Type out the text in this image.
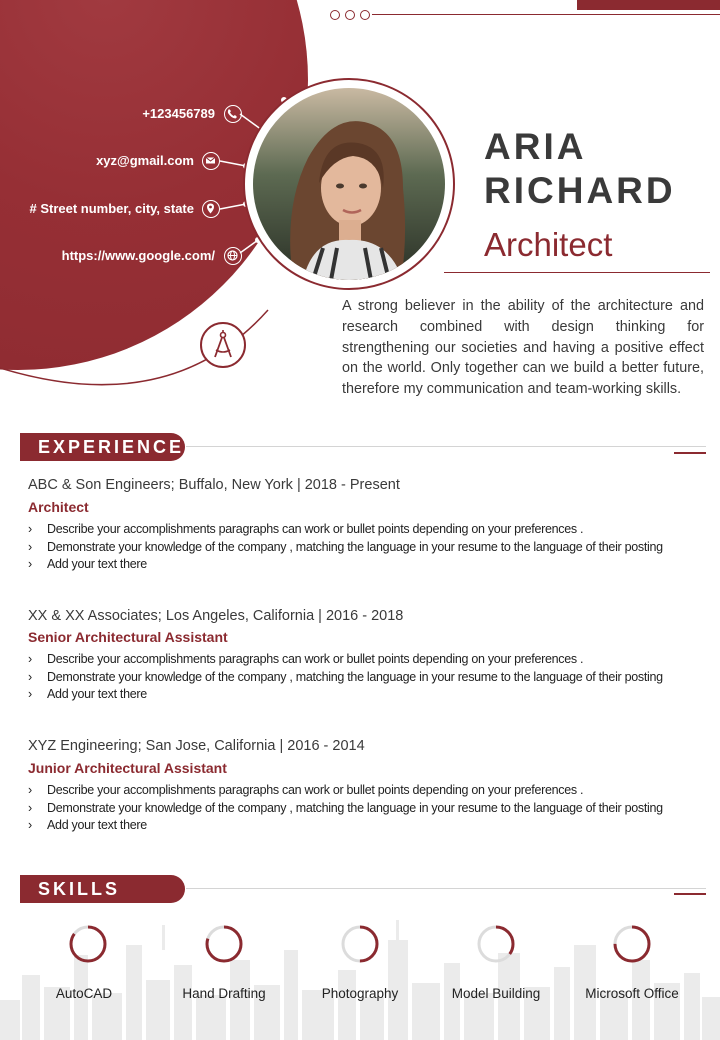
+123456789
xyz@gmail.com
# Street number, city, state
https://www.google.com/
ARIA
RICHARD
Architect
A strong believer in the ability of the architecture and research combined with design thinking for strengthening our societies and having a positive effect on the world. Only together can we build a better future, therefore my communication and team-working skills.
EXPERIENCE
ABC & Son Engineers; Buffalo, New York | 2018 - Present
Architect
› Describe your accomplishments paragraphs can work or bullet points depending on your preferences .
› Demonstrate your knowledge of the company , matching the language in your resume to the language of their posting
› Add your text there
XX & XX Associates; Los Angeles, California | 2016 - 2018
Senior Architectural Assistant
› Describe your accomplishments paragraphs can work or bullet points depending on your preferences .
› Demonstrate your knowledge of the company , matching the language in your resume to the language of their posting
› Add your text there
XYZ Engineering; San Jose, California | 2016 - 2014
Junior Architectural Assistant
› Describe your accomplishments paragraphs can work or bullet points depending on your preferences .
› Demonstrate your knowledge of the company , matching the language in your resume to the language of their posting
› Add your text there
SKILLS
AutoCAD	Hand Drafting	Photography	Model Building	Microsoft Office
